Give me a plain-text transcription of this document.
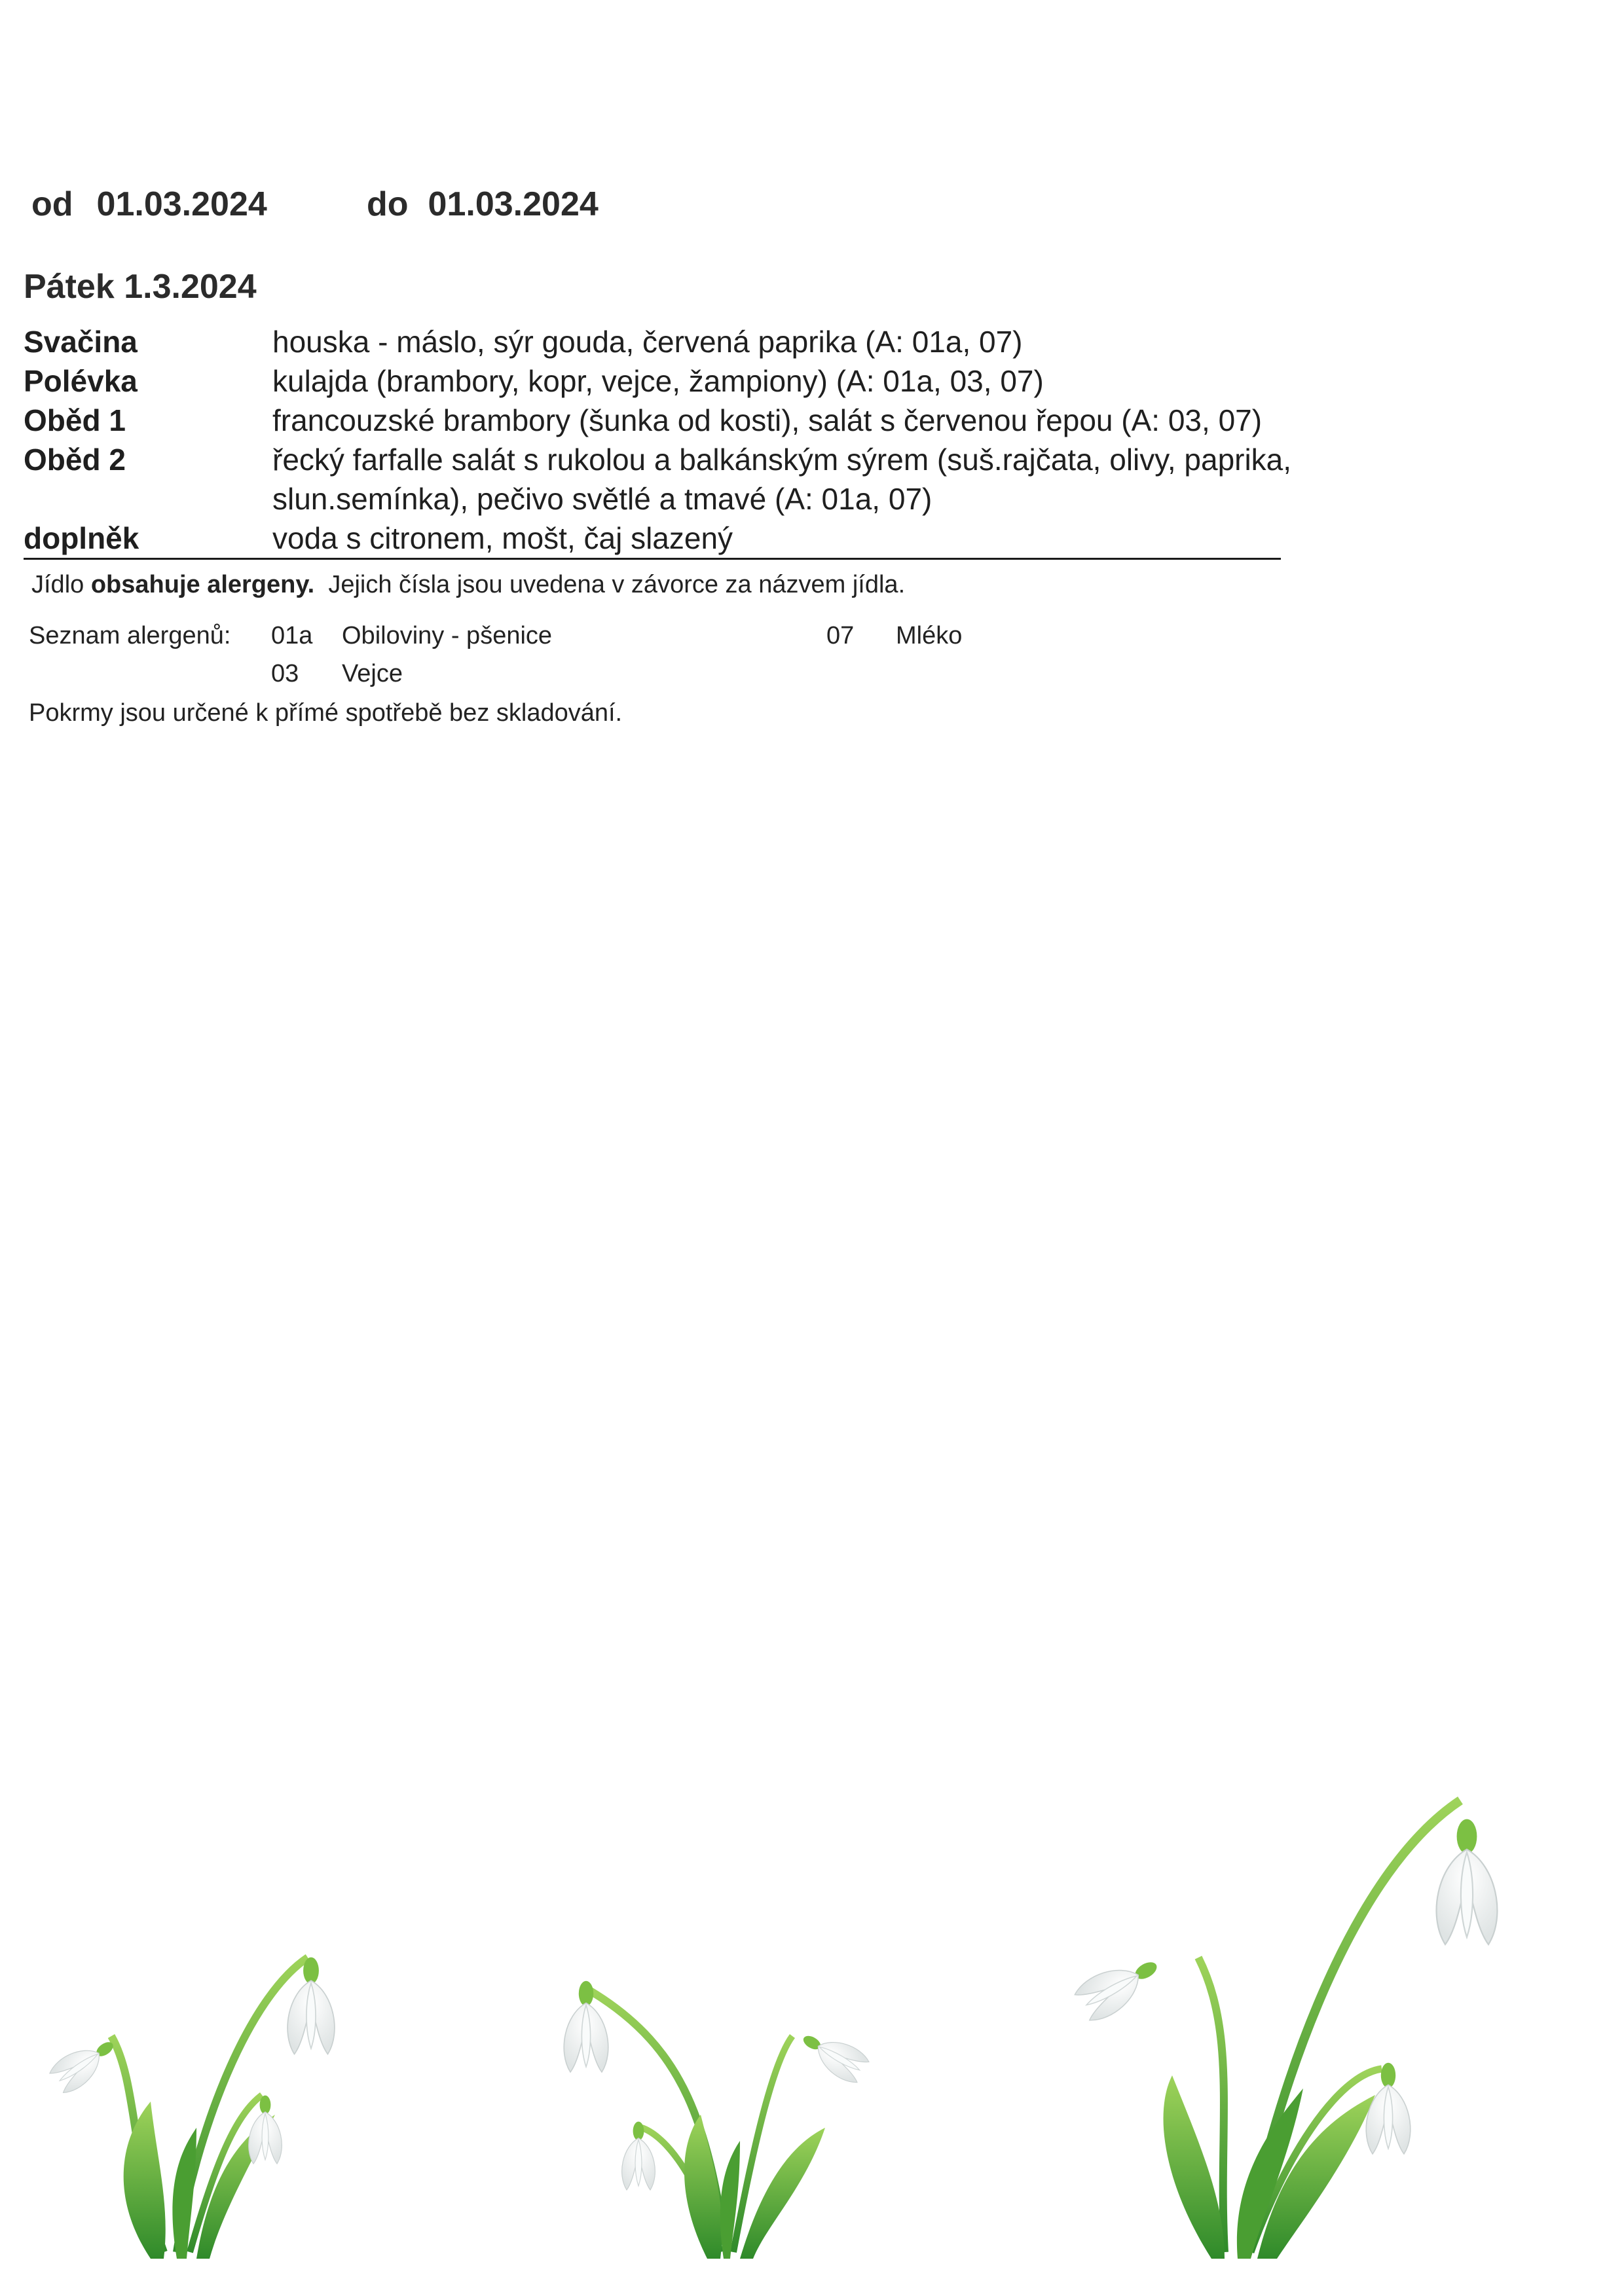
od 01.03.2024	do 01.03.2024
Pátek 1.3.2024
Svačina	houska - máslo, sýr gouda, červená paprika (A: 01a, 07)
Polévka	kulajda (brambory, kopr, vejce, žampiony) (A: 01a, 03, 07)
Oběd 1	francouzské brambory (šunka od kosti), salát s červenou řepou (A: 03, 07)
Oběd 2	řecký farfalle salát s rukolou a balkánským sýrem (suš.rajčata, olivy, paprika, slun.semínka), pečivo světlé a tmavé (A: 01a, 07)
doplněk	voda s citronem, mošt, čaj slazený
Jídlo obsahuje alergeny.  Jejich čísla jsou uvedena v závorce za názvem jídla.
Seznam alergenů: 01a Obiloviny - pšenice	07 Mléko
03 Vejce
Pokrmy jsou určené k přímé spotřebě bez skladování.
